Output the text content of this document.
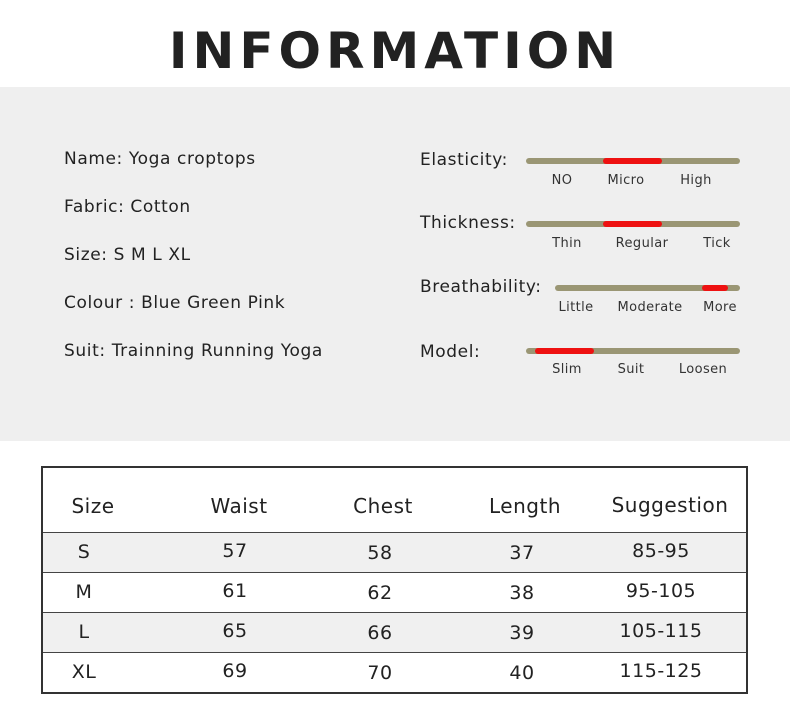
INFORMATION
Name: Yoga croptops
Fabric: Cotton
Size: S M L XL
Colour : Blue Green Pink
Suit: Trainning Running Yoga
Elasticity:
NO	Micro	High
Thickness:
Thin	Regular	Tick
Breathability:
Little Moderate More
Model:
Slim	Suit	Loosen
Size	Waist	Chest	Length	Suggestion
S	57	58	37	85-95
M	61	62	38	95-105
L	65	66	39	105-115
XL	69	70	40	115-125
